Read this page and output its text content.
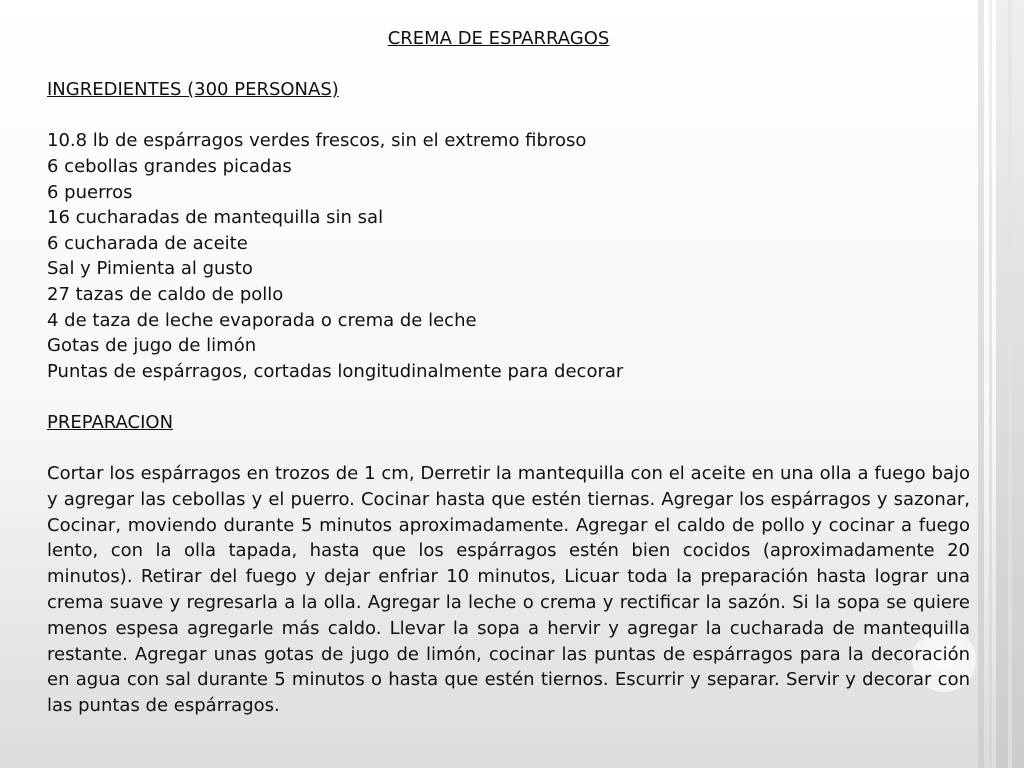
CREMA DE ESPARRAGOS

INGREDIENTES (300 PERSONAS)

10.8 lb de espárragos verdes frescos, sin el extremo fibroso
6 cebollas grandes picadas
6 puerros
16 cucharadas de mantequilla sin sal
6 cucharada de aceite
Sal y Pimienta al gusto
27 tazas de caldo de pollo
4 de taza de leche evaporada o crema de leche
Gotas de jugo de limón
Puntas de espárragos, cortadas longitudinalmente para decorar

PREPARACION

Cortar los espárragos en trozos de 1 cm, Derretir la mantequilla con el aceite en una olla a fuego bajo y agregar las cebollas y el puerro. Cocinar hasta que estén tiernas. Agregar los espárragos y sazonar, Cocinar, moviendo durante 5 minutos aproximadamente. Agregar el caldo de pollo y cocinar a fuego lento, con la olla tapada, hasta que los espárragos estén bien cocidos (aproximadamente 20 minutos). Retirar del fuego y dejar enfriar 10 minutos, Licuar toda la preparación hasta lograr una crema suave y regresarla a la olla. Agregar la leche o crema y rectificar la sazón. Si la sopa se quiere menos espesa agregarle más caldo. Llevar la sopa a hervir y agregar la cucharada de mantequilla restante. Agregar unas gotas de jugo de limón, cocinar las puntas de espárragos para la decoración en agua con sal durante 5 minutos o hasta que estén tiernos. Escurrir y separar. Servir y decorar con las puntas de espárragos.
